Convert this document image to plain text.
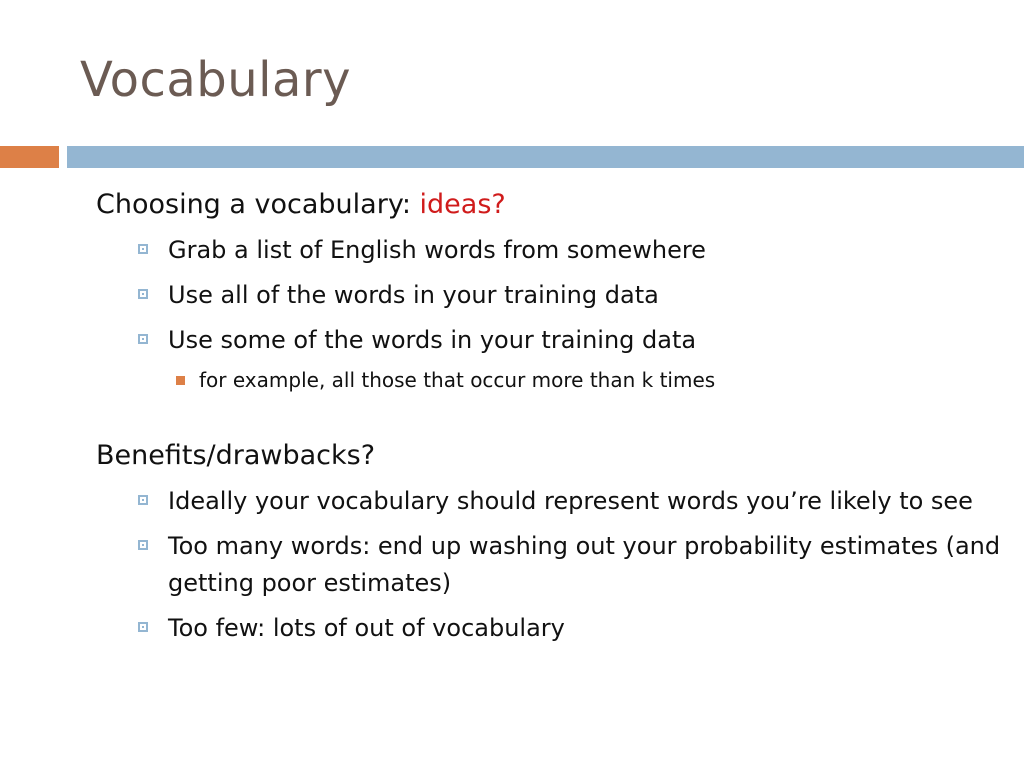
Vocabulary
Choosing a vocabulary: ideas?
Grab a list of English words from somewhere
Use all of the words in your training data
Use some of the words in your training data
for example, all those that occur more than k times
Benefits/drawbacks?
Ideally your vocabulary should represent words you’re likely to see
Too many words: end up washing out your probability estimates (and getting poor estimates)
Too few: lots of out of vocabulary
